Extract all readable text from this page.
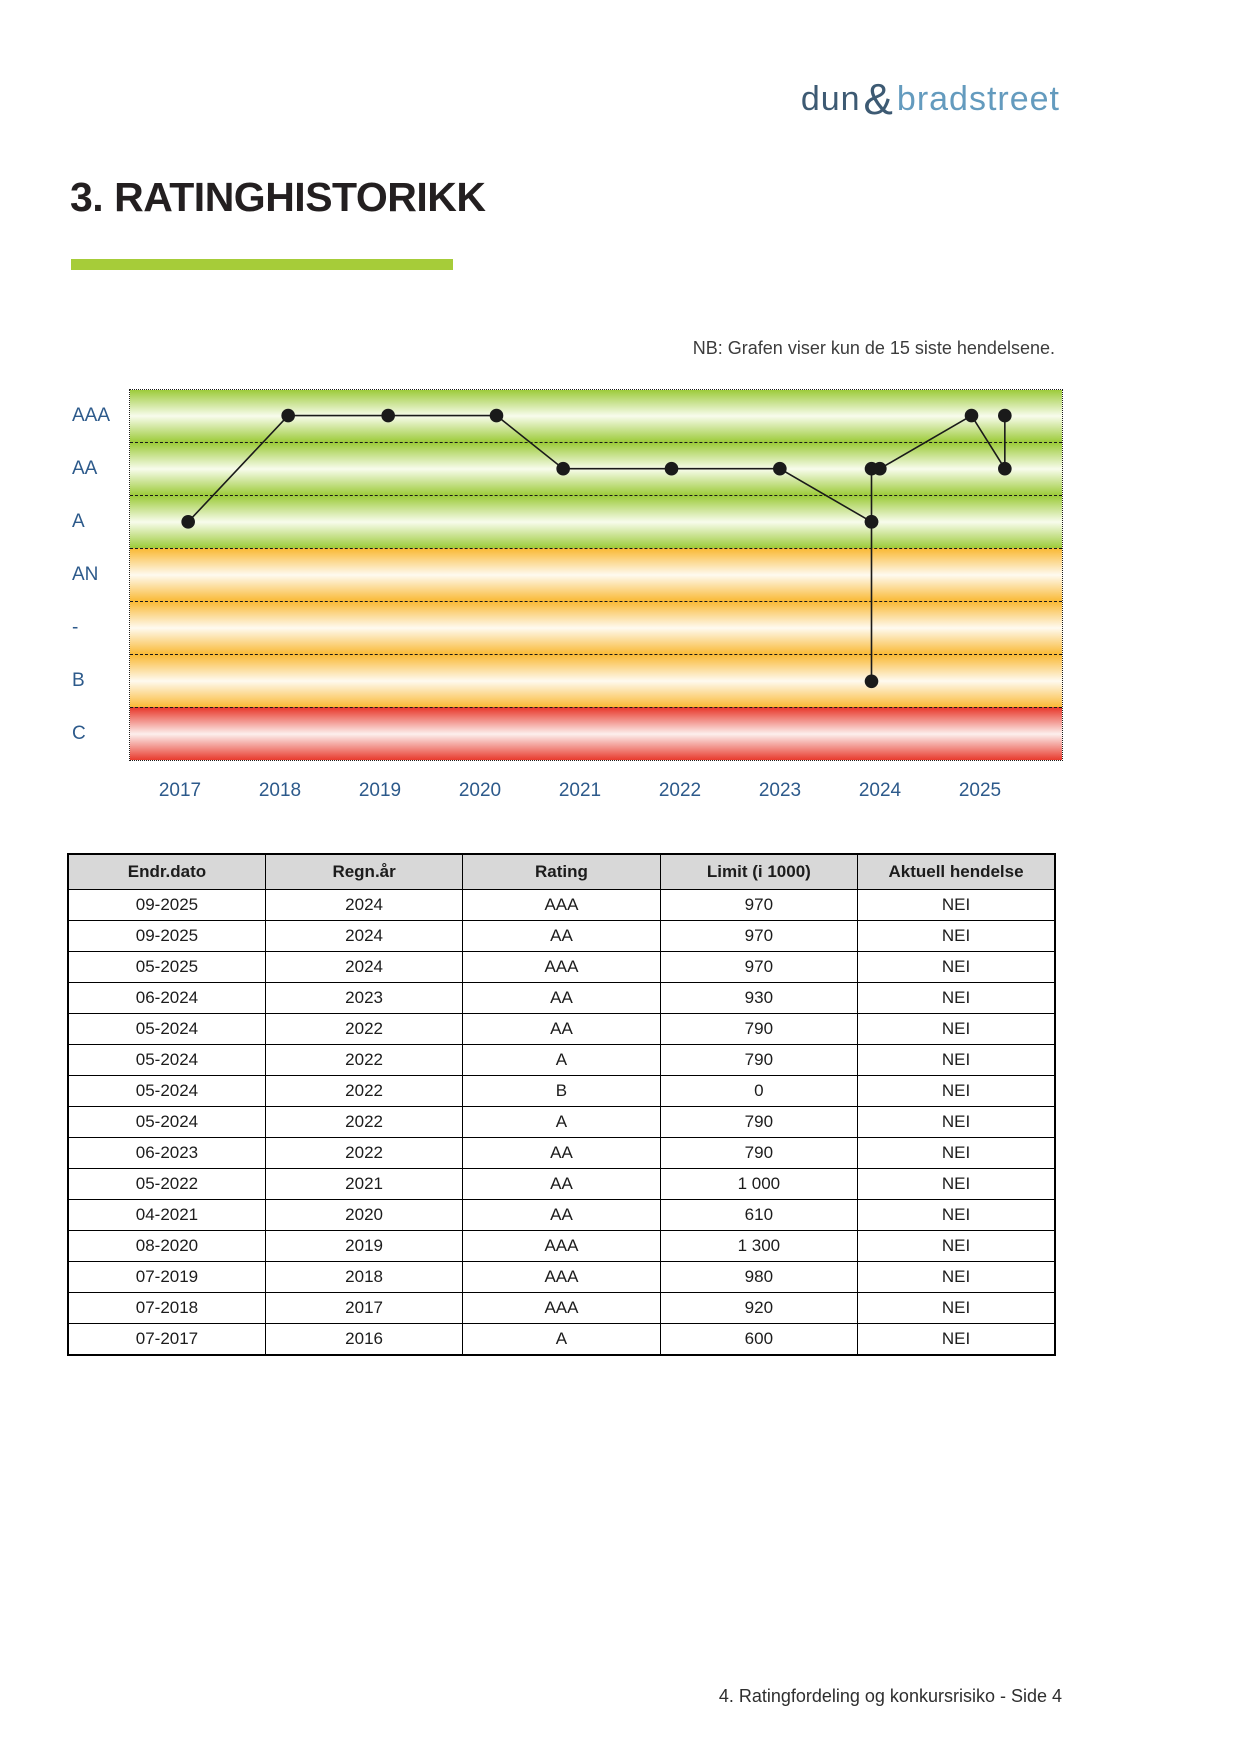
dun & bradstreet
3. RATINGHISTORIKK
NB: Grafen viser kun de 15 siste hendelsene.
AAA
AA
A
AN
-
B
C
2017	2018	2019	2020	2021	2022	2023	2024	2025
Endr.dato	Regn.år	Rating	Limit (i 1000)	Aktuell hendelse
09-2025	2024	AAA	970	NEI
09-2025	2024	AA	970	NEI
05-2025	2024	AAA	970	NEI
06-2024	2023	AA	930	NEI
05-2024	2022	AA	790	NEI
05-2024	2022	A	790	NEI
05-2024	2022	B	0	NEI
05-2024	2022	A	790	NEI
06-2023	2022	AA	790	NEI
05-2022	2021	AA	1 000	NEI
04-2021	2020	AA	610	NEI
08-2020	2019	AAA	1 300	NEI
07-2019	2018	AAA	980	NEI
07-2018	2017	AAA	920	NEI
07-2017	2016	A	600	NEI
4. Ratingfordeling og konkursrisiko - Side 4
